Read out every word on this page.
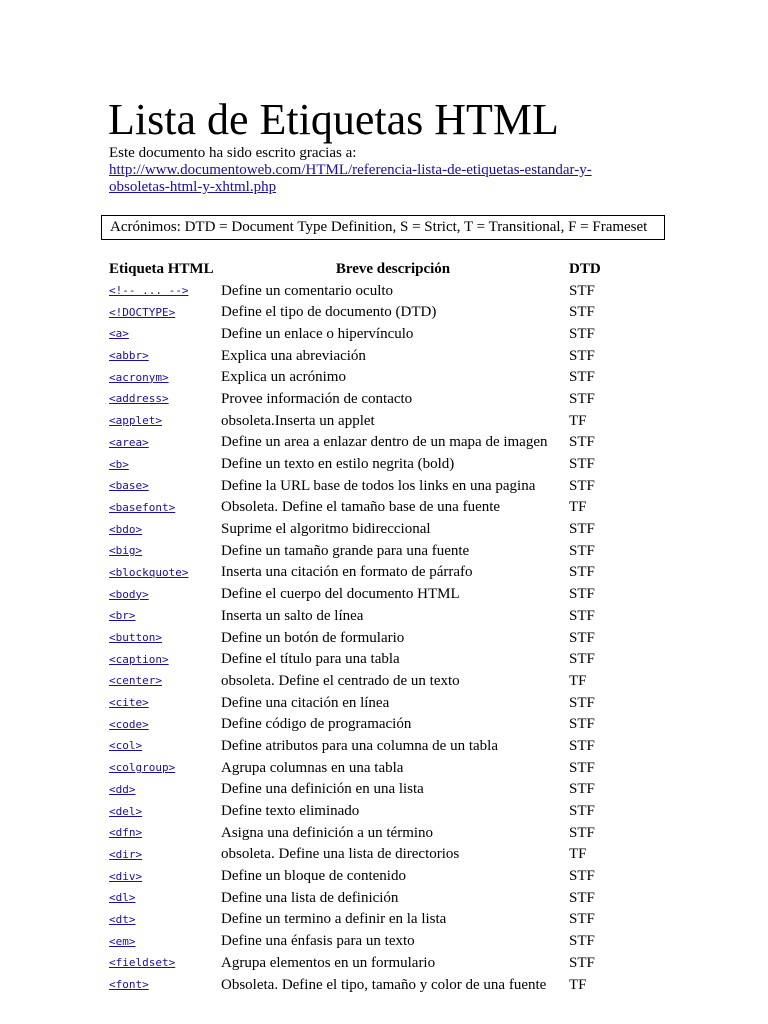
Lista de Etiquetas HTML
Este documento ha sido escrito gracias a:
http://www.documentoweb.com/HTML/referencia-lista-de-etiquetas-estandar-y-obsoletas-html-y-xhtml.php
Acrónimos: DTD = Document Type Definition, S = Strict, T = Transitional, F = Frameset
Etiqueta HTML	Breve descripción	DTD
<!-- ... -->	Define un comentario oculto	STF
<!DOCTYPE>	Define el tipo de documento (DTD)	STF
<a>	Define un enlace o hipervínculo	STF
<abbr>	Explica una abreviación	STF
<acronym>	Explica un acrónimo	STF
<address>	Provee información de contacto	STF
<applet>	obsoleta.Inserta un applet	TF
<area>	Define un area a enlazar dentro de un mapa de imagen	STF
<b>	Define un texto en estilo negrita (bold)	STF
<base>	Define la URL base de todos los links en una pagina	STF
<basefont>	Obsoleta. Define el tamaño base de una fuente	TF
<bdo>	Suprime el algoritmo bidireccional	STF
<big>	Define un tamaño grande para una fuente	STF
<blockquote>	Inserta una citación en formato de párrafo	STF
<body>	Define el cuerpo del documento HTML	STF
<br>	Inserta un salto de línea	STF
<button>	Define un botón de formulario	STF
<caption>	Define el título para una tabla	STF
<center>	obsoleta. Define el centrado de un texto	TF
<cite>	Define una citación en línea	STF
<code>	Define código de programación	STF
<col>	Define atributos para una columna de un tabla	STF
<colgroup>	Agrupa columnas en una tabla	STF
<dd>	Define una definición en una lista	STF
<del>	Define texto eliminado	STF
<dfn>	Asigna una definición a un término	STF
<dir>	obsoleta. Define una lista de directorios	TF
<div>	Define un bloque de contenido	STF
<dl>	Define una lista de definición	STF
<dt>	Define un termino a definir en la lista	STF
<em>	Define una énfasis para un texto	STF
<fieldset>	Agrupa elementos en un formulario	STF
<font>	Obsoleta. Define el tipo, tamaño y color de una fuente	TF
